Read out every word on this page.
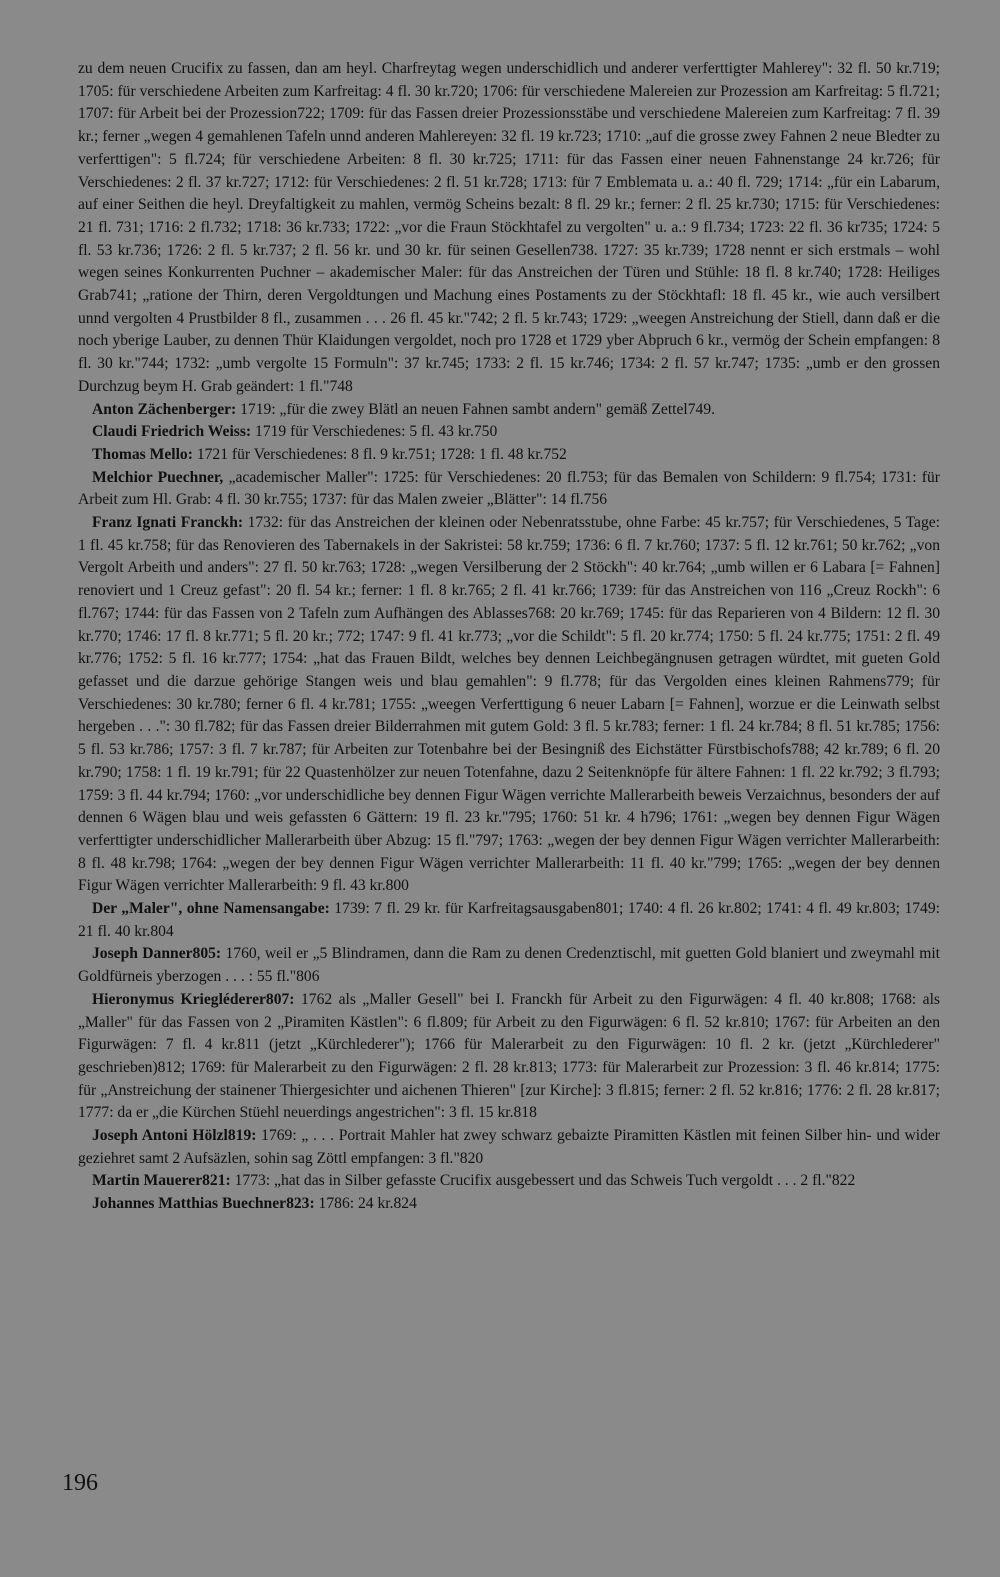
zu dem neuen Crucifix zu fassen, dan am heyl. Charfreytag wegen underschidlich und anderer verferttigter Mahlerey": 32 fl. 50 kr.719; 1705: für verschiedene Arbeiten zum Karfreitag: 4 fl. 30 kr.720; 1706: für verschiedene Malereien zur Prozession am Karfreitag: 5 fl.721; 1707: für Arbeit bei der Prozession722; 1709: für das Fassen dreier Prozessionsstäbe und verschiedene Malereien zum Karfreitag: 7 fl. 39 kr.; ferner „wegen 4 gemahlenen Tafeln unnd anderen Mahlereyen: 32 fl. 19 kr.723; 1710: „auf die grosse zwey Fahnen 2 neue Bledter zu verferttigen": 5 fl.724; für verschiedene Arbeiten: 8 fl. 30 kr.725; 1711: für das Fassen einer neuen Fahnenstange 24 kr.726; für Verschiedenes: 2 fl. 37 kr.727; 1712: für Verschiedenes: 2 fl. 51 kr.728; 1713: für 7 Emblemata u. a.: 40 fl. 729; 1714: „für ein Labarum, auf einer Seithen die heyl. Dreyfaltigkeit zu mahlen, vermög Scheins bezalt: 8 fl. 29 kr.; ferner: 2 fl. 25 kr.730; 1715: für Verschiedenes: 21 fl. 731; 1716: 2 fl.732; 1718: 36 kr.733; 1722: „vor die Fraun Stöckhtafel zu vergolten" u. a.: 9 fl.734; 1723: 22 fl. 36 kr735; 1724: 5 fl. 53 kr.736; 1726: 2 fl. 5 kr.737; 2 fl. 56 kr. und 30 kr. für seinen Gesellen738. 1727: 35 kr.739; 1728 nennt er sich erstmals – wohl wegen seines Konkurrenten Puchner – akademischer Maler: für das Anstreichen der Türen und Stühle: 18 fl. 8 kr.740; 1728: Heiliges Grab741; „ratione der Thirn, deren Vergoldtungen und Machung eines Postaments zu der Stöckhtafl: 18 fl. 45 kr., wie auch versilbert unnd vergolten 4 Prustbilder 8 fl., zusammen . . . 26 fl. 45 kr."742; 2 fl. 5 kr.743; 1729: „weegen Anstreichung der Stiell, dann daß er die noch yberige Lauber, zu dennen Thür Klaidungen vergoldet, noch pro 1728 et 1729 yber Abpruch 6 kr., vermög der Schein empfangen: 8 fl. 30 kr."744; 1732: „umb vergolte 15 Formuln": 37 kr.745; 1733: 2 fl. 15 kr.746; 1734: 2 fl. 57 kr.747; 1735: „umb er den grossen Durchzug beym H. Grab geändert: 1 fl."748

Anton Zächenberger: 1719: „für die zwey Blätl an neuen Fahnen sambt andern" gemäß Zettel749.

Claudi Friedrich Weiss: 1719 für Verschiedenes: 5 fl. 43 kr.750

Thomas Mello: 1721 für Verschiedenes: 8 fl. 9 kr.751; 1728: 1 fl. 48 kr.752

Melchior Puechner, „academischer Maller": 1725: für Verschiedenes: 20 fl.753; für das Bemalen von Schildern: 9 fl.754; 1731: für Arbeit zum Hl. Grab: 4 fl. 30 kr.755; 1737: für das Malen zweier „Blätter": 14 fl.756

Franz Ignati Franckh: 1732: für das Anstreichen der kleinen oder Nebenratsstube, ohne Farbe: 45 kr.757; für Verschiedenes, 5 Tage: 1 fl. 45 kr.758; für das Renovieren des Tabernakels in der Sakristei: 58 kr.759; 1736: 6 fl. 7 kr.760; 1737: 5 fl. 12 kr.761; 50 kr.762; „von Vergolt Arbeith und anders": 27 fl. 50 kr.763; 1728: „wegen Versilberung der 2 Stöckh": 40 kr.764; „umb willen er 6 Labara [= Fahnen] renoviert und 1 Creuz gefast": 20 fl. 54 kr.; ferner: 1 fl. 8 kr.765; 2 fl. 41 kr.766; 1739: für das Anstreichen von 116 „Creuz Rockh": 6 fl.767; 1744: für das Fassen von 2 Tafeln zum Aufhängen des Ablasses768: 20 kr.769; 1745: für das Reparieren von 4 Bildern: 12 fl. 30 kr.770; 1746: 17 fl. 8 kr.771; 5 fl. 20 kr.; 772; 1747: 9 fl. 41 kr.773; „vor die Schildt": 5 fl. 20 kr.774; 1750: 5 fl. 24 kr.775; 1751: 2 fl. 49 kr.776; 1752: 5 fl. 16 kr.777; 1754: „hat das Frauen Bildt, welches bey dennen Leichbegängnusen getragen würdtet, mit gueten Gold gefasset und die darzue gehörige Stangen weis und blau gemahlen": 9 fl.778; für das Vergolden eines kleinen Rahmens779; für Verschiedenes: 30 kr.780; ferner 6 fl. 4 kr.781; 1755: „weegen Verferttigung 6 neuer Labarn [= Fahnen], worzue er die Leinwath selbst hergeben . . .": 30 fl.782; für das Fassen dreier Bilderrahmen mit gutem Gold: 3 fl. 5 kr.783; ferner: 1 fl. 24 kr.784; 8 fl. 51 kr.785; 1756: 5 fl. 53 kr.786; 1757: 3 fl. 7 kr.787; für Arbeiten zur Totenbahre bei der Besingniß des Eichstätter Fürstbischofs788; 42 kr.789; 6 fl. 20 kr.790; 1758: 1 fl. 19 kr.791; für 22 Quastenhölzer zur neuen Totenfahne, dazu 2 Seitenknöpfe für ältere Fahnen: 1 fl. 22 kr.792; 3 fl.793; 1759: 3 fl. 44 kr.794; 1760: „vor underschidliche bey dennen Figur Wägen verrichte Mallerarbeith beweis Verzaichnus, besonders der auf dennen 6 Wägen blau und weis gefassten 6 Gättern: 19 fl. 23 kr."795; 1760: 51 kr. 4 h796; 1761: „wegen bey dennen Figur Wägen verferttigter underschidlicher Mallerarbeith über Abzug: 15 fl."797; 1763: „wegen der bey dennen Figur Wägen verrichter Mallerarbeith: 8 fl. 48 kr.798; 1764: „wegen der bey dennen Figur Wägen verrichter Mallerarbeith: 11 fl. 40 kr."799; 1765: „wegen der bey dennen Figur Wägen verrichter Mallerarbeith: 9 fl. 43 kr.800

Der „Maler", ohne Namensangabe: 1739: 7 fl. 29 kr. für Karfreitagsausgaben801; 1740: 4 fl. 26 kr.802; 1741: 4 fl. 49 kr.803; 1749: 21 fl. 40 kr.804

Joseph Danner805: 1760, weil er „5 Blindramen, dann die Ram zu denen Credenztischl, mit guetten Gold blaniert und zweymahl mit Goldfürneis yberzogen . . . : 55 fl."806

Hieronymus Kriegléderer807: 1762 als „Maller Gesell" bei I. Franckh für Arbeit zu den Figurwägen: 4 fl. 40 kr.808; 1768: als „Maller" für das Fassen von 2 „Piramiten Kästlen": 6 fl.809; für Arbeit zu den Figurwägen: 6 fl. 52 kr.810; 1767: für Arbeiten an den Figurwägen: 7 fl. 4 kr.811 (jetzt „Kürchlederer"); 1766 für Malerarbeit zu den Figurwägen: 10 fl. 2 kr. (jetzt „Kürchlederer" geschrieben)812; 1769: für Malerarbeit zu den Figurwägen: 2 fl. 28 kr.813; 1773: für Malerarbeit zur Prozession: 3 fl. 46 kr.814; 1775: für „Anstreichung der stainener Thiergesichter und aichenen Thieren" [zur Kirche]: 3 fl.815; ferner: 2 fl. 52 kr.816; 1776: 2 fl. 28 kr.817; 1777: da er „die Kürchen Stüehl neuerdings angestrichen": 3 fl. 15 kr.818

Joseph Antoni Hölzl819: 1769: „ . . . Portrait Mahler hat zwey schwarz gebaizte Piramitten Kästlen mit feinen Silber hin- und wider geziehret samt 2 Aufsäzlen, sohin sag Zöttl empfangen: 3 fl."820

Martin Mauerer821: 1773: „hat das in Silber gefasste Crucifix ausgebessert und das Schweis Tuch vergoldt . . . 2 fl."822

Johannes Matthias Buechner823: 1786: 24 kr.824

196
